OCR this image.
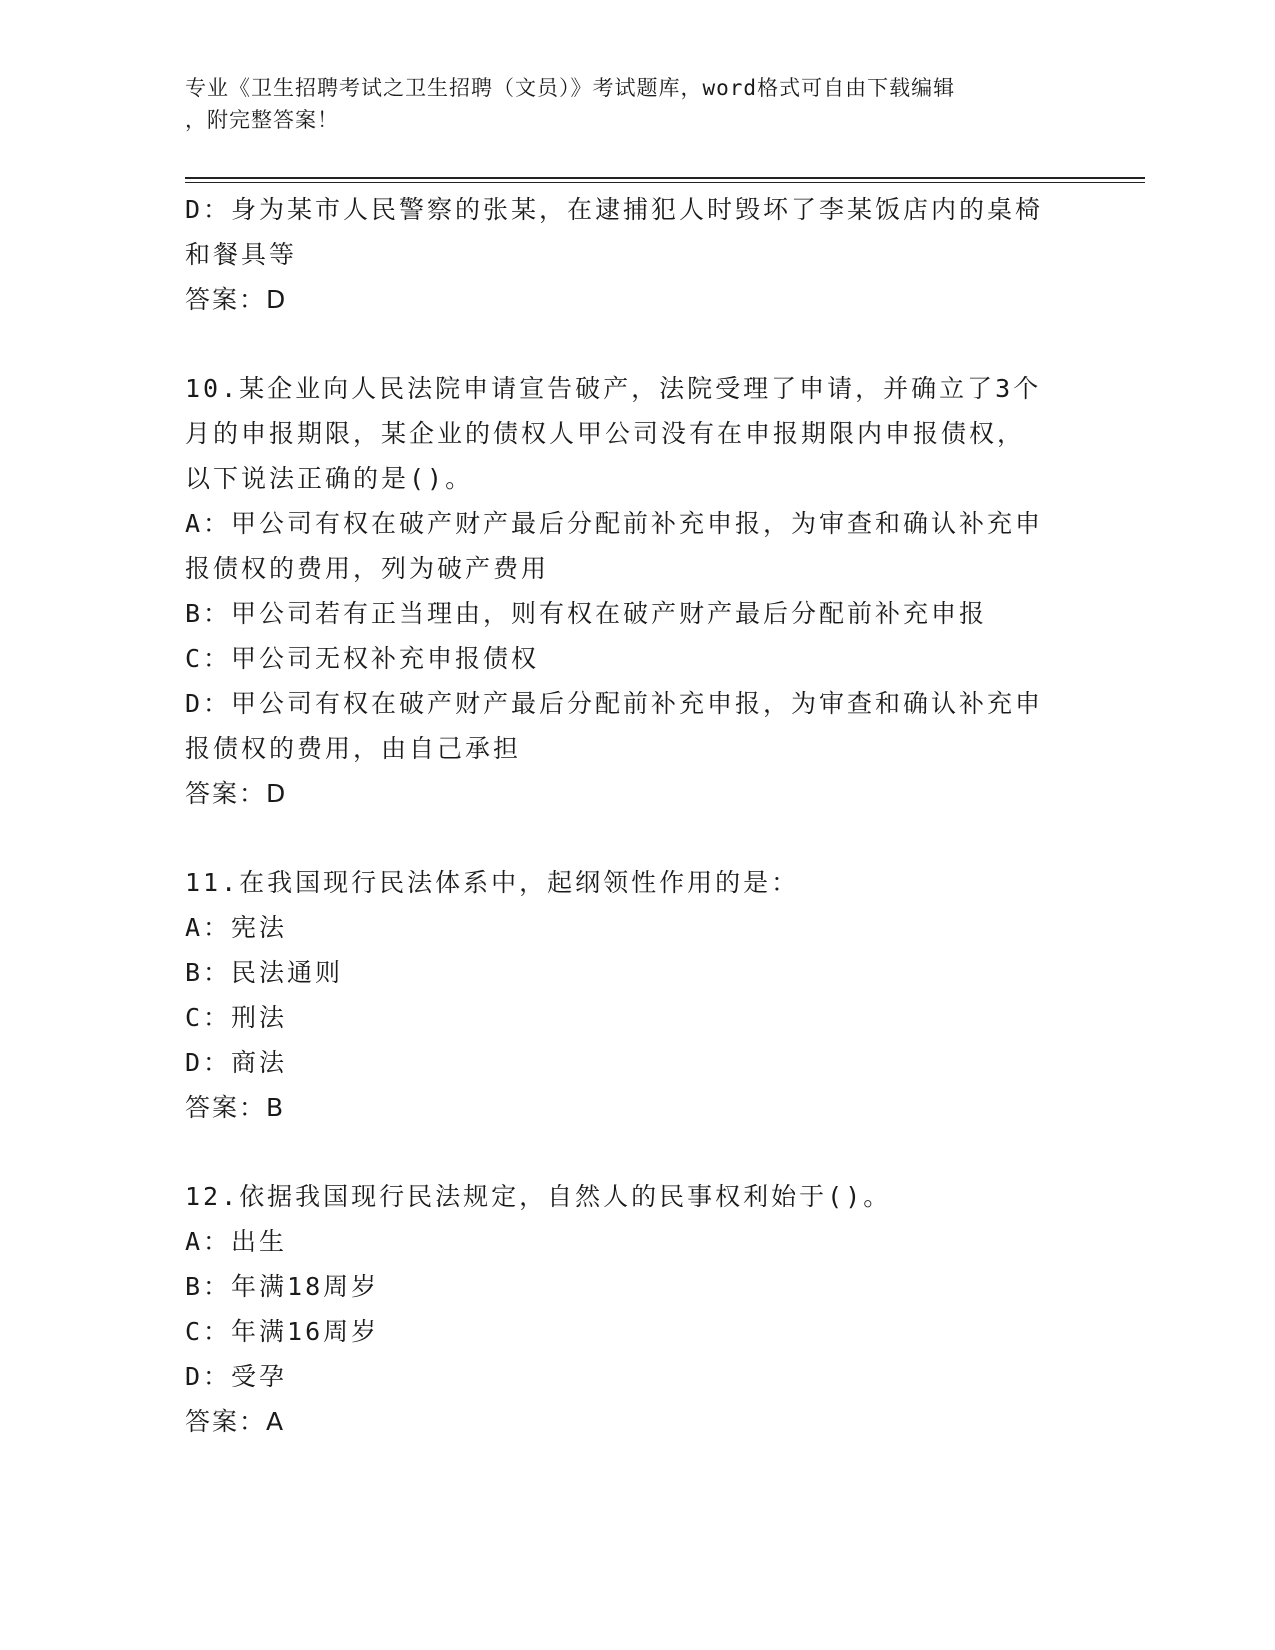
专业《卫生招聘考试之卫生招聘（文员）》考试题库，word格式可自由下载编辑
，附完整答案！
D：身为某市人民警察的张某，在逮捕犯人时毁坏了李某饭店内的桌椅
和餐具等
答案：D
10.某企业向人民法院申请宣告破产，法院受理了申请，并确立了3个
月的申报期限，某企业的债权人甲公司没有在申报期限内申报债权，
以下说法正确的是()。
A：甲公司有权在破产财产最后分配前补充申报，为审查和确认补充申
报债权的费用，列为破产费用
B：甲公司若有正当理由，则有权在破产财产最后分配前补充申报
C：甲公司无权补充申报债权
D：甲公司有权在破产财产最后分配前补充申报，为审查和确认补充申
报债权的费用，由自己承担
答案：D
11.在我国现行民法体系中，起纲领性作用的是：
A：宪法
B：民法通则
C：刑法
D：商法
答案：B
12.依据我国现行民法规定，自然人的民事权利始于()。
A：出生
B：年满18周岁
C：年满16周岁
D：受孕
答案：A
